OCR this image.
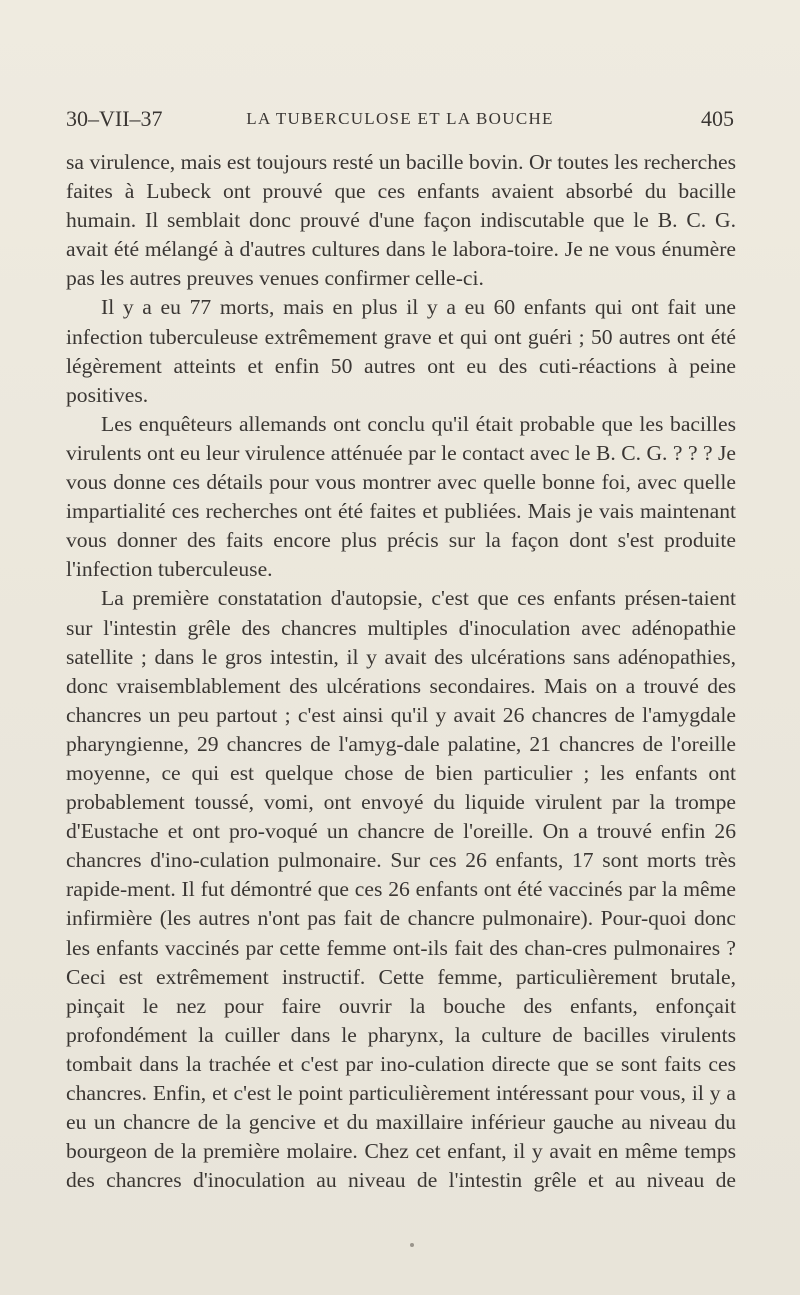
30–VII–37	LA TUBERCULOSE ET LA BOUCHE	405

sa virulence, mais est toujours resté un bacille bovin. Or toutes les recherches faites à Lubeck ont prouvé que ces enfants avaient absorbé du bacille humain. Il semblait donc prouvé d'une façon indiscutable que le B. C. G. avait été mélangé à d'autres cultures dans le labora-toire. Je ne vous énumère pas les autres preuves venues confirmer celle-ci.

Il y a eu 77 morts, mais en plus il y a eu 60 enfants qui ont fait une infection tuberculeuse extrêmement grave et qui ont guéri ; 50 autres ont été légèrement atteints et enfin 50 autres ont eu des cuti-réactions à peine positives.

Les enquêteurs allemands ont conclu qu'il était probable que les bacilles virulents ont eu leur virulence atténuée par le contact avec le B. C. G. ? ? ? Je vous donne ces détails pour vous montrer avec quelle bonne foi, avec quelle impartialité ces recherches ont été faites et publiées. Mais je vais maintenant vous donner des faits encore plus précis sur la façon dont s'est produite l'infection tuberculeuse.

La première constatation d'autopsie, c'est que ces enfants présen-taient sur l'intestin grêle des chancres multiples d'inoculation avec adénopathie satellite ; dans le gros intestin, il y avait des ulcérations sans adénopathies, donc vraisemblablement des ulcérations secondaires. Mais on a trouvé des chancres un peu partout ; c'est ainsi qu'il y avait 26 chancres de l'amygdale pharyngienne, 29 chancres de l'amyg-dale palatine, 21 chancres de l'oreille moyenne, ce qui est quelque chose de bien particulier ; les enfants ont probablement toussé, vomi, ont envoyé du liquide virulent par la trompe d'Eustache et ont pro-voqué un chancre de l'oreille. On a trouvé enfin 26 chancres d'ino-culation pulmonaire. Sur ces 26 enfants, 17 sont morts très rapide-ment. Il fut démontré que ces 26 enfants ont été vaccinés par la même infirmière (les autres n'ont pas fait de chancre pulmonaire). Pour-quoi donc les enfants vaccinés par cette femme ont-ils fait des chan-cres pulmonaires ? Ceci est extrêmement instructif. Cette femme, particulièrement brutale, pinçait le nez pour faire ouvrir la bouche des enfants, enfonçait profondément la cuiller dans le pharynx, la culture de bacilles virulents tombait dans la trachée et c'est par ino-culation directe que se sont faits ces chancres. Enfin, et c'est le point particulièrement intéressant pour vous, il y a eu un chancre de la gencive et du maxillaire inférieur gauche au niveau du bourgeon de la première molaire. Chez cet enfant, il y avait en même temps des chancres d'inoculation au niveau de l'intestin grêle et au niveau de
